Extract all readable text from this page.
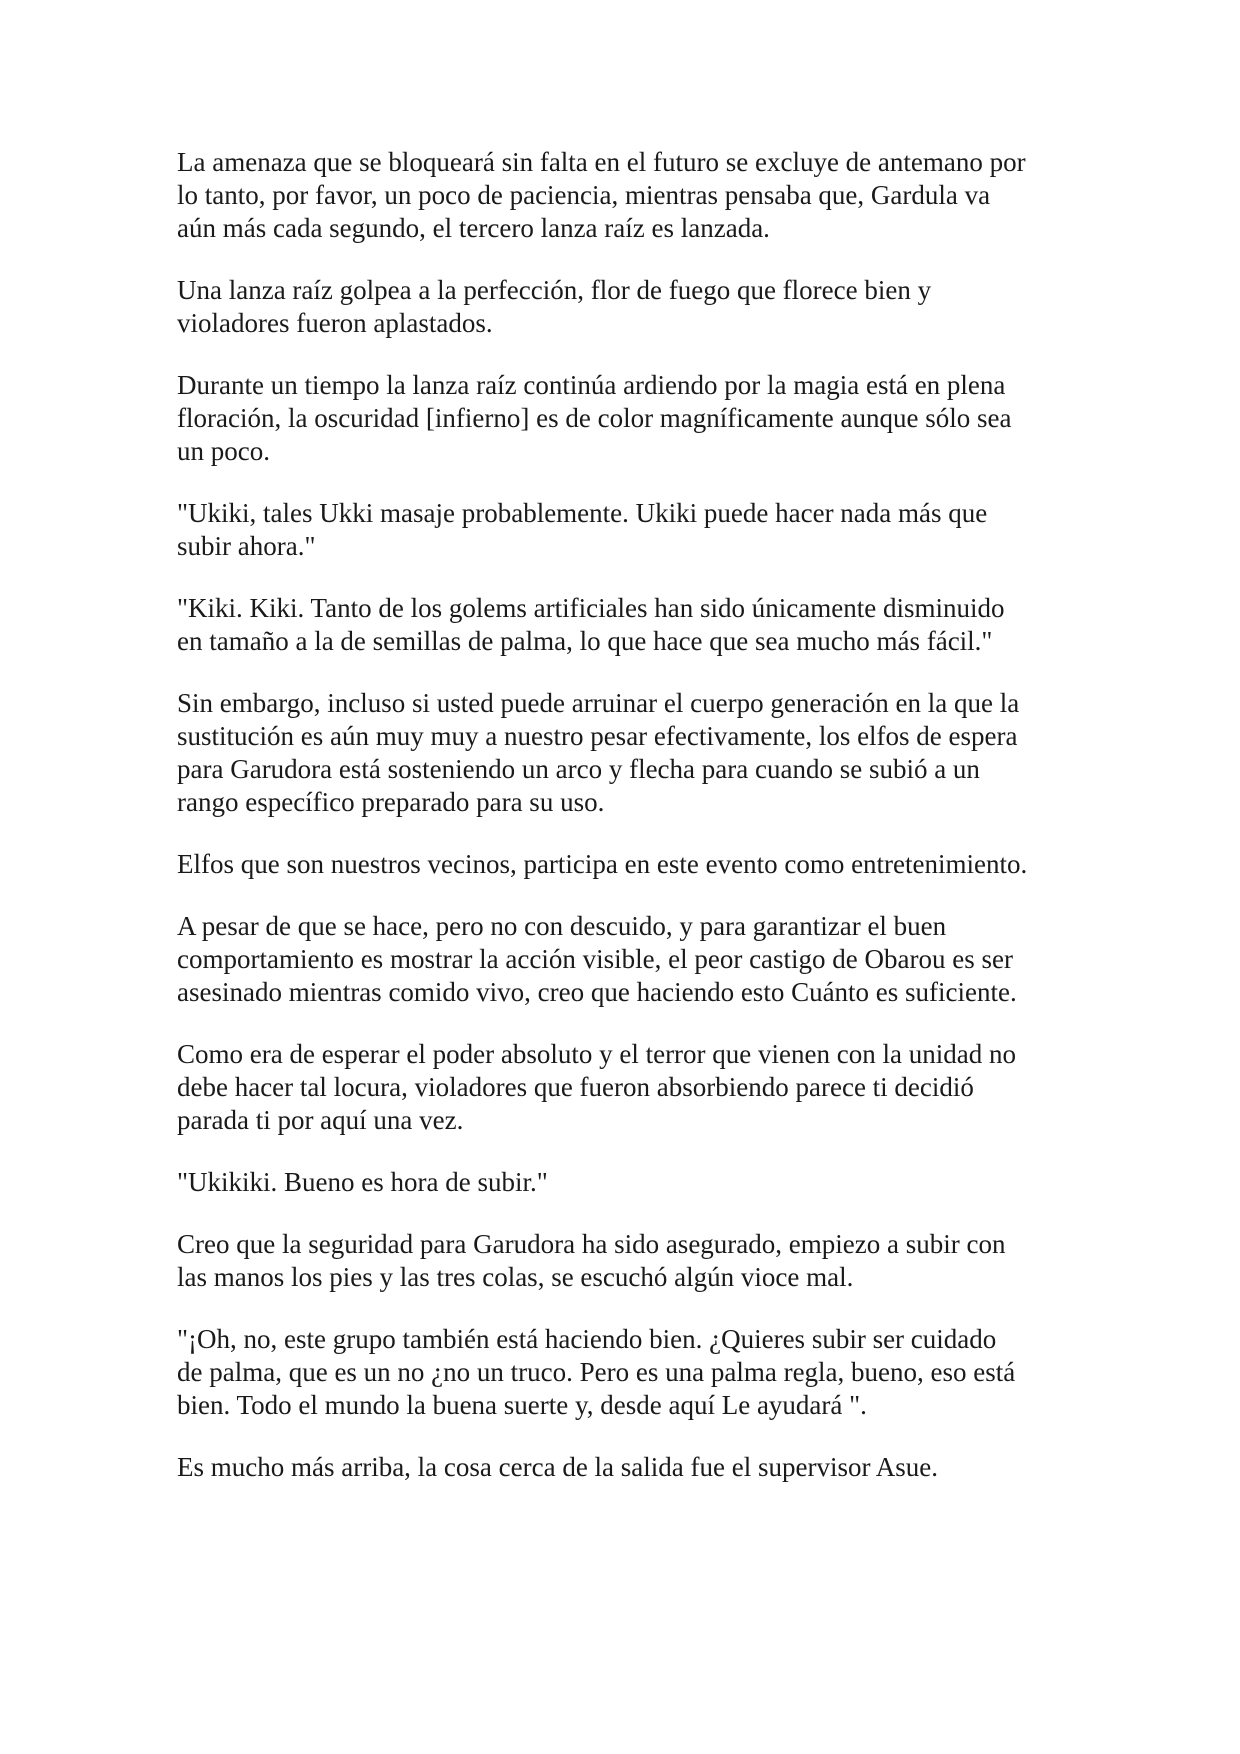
La amenaza que se bloqueará sin falta en el futuro se excluye de antemano por
lo tanto, por favor, un poco de paciencia, mientras pensaba que, Gardula va
aún más cada segundo, el tercero lanza raíz es lanzada.

Una lanza raíz golpea a la perfección, flor de fuego que florece bien y
violadores fueron aplastados.

Durante un tiempo la lanza raíz continúa ardiendo por la magia está en plena
floración, la oscuridad [infierno] es de color magníficamente aunque sólo sea
un poco.

"Ukiki, tales Ukki masaje probablemente. Ukiki puede hacer nada más que
subir ahora."

"Kiki. Kiki. Tanto de los golems artificiales han sido únicamente disminuido
en tamaño a la de semillas de palma, lo que hace que sea mucho más fácil."

Sin embargo, incluso si usted puede arruinar el cuerpo generación en la que la
sustitución es aún muy muy a nuestro pesar efectivamente, los elfos de espera
para Garudora está sosteniendo un arco y flecha para cuando se subió a un
rango específico preparado para su uso.

Elfos que son nuestros vecinos, participa en este evento como entretenimiento.

A pesar de que se hace, pero no con descuido, y para garantizar el buen
comportamiento es mostrar la acción visible, el peor castigo de Obarou es ser
asesinado mientras comido vivo, creo que haciendo esto Cuánto es suficiente.

Como era de esperar el poder absoluto y el terror que vienen con la unidad no
debe hacer tal locura, violadores que fueron absorbiendo parece ti decidió
parada ti por aquí una vez.

"Ukikiki. Bueno es hora de subir."

Creo que la seguridad para Garudora ha sido asegurado, empiezo a subir con
las manos los pies y las tres colas, se escuchó algún vioce mal.

"¡Oh, no, este grupo también está haciendo bien. ¿Quieres subir ser cuidado
de palma, que es un no ¿no un truco. Pero es una palma regla, bueno, eso está
bien. Todo el mundo la buena suerte y, desde aquí Le ayudará ".

Es mucho más arriba, la cosa cerca de la salida fue el supervisor Asue.
